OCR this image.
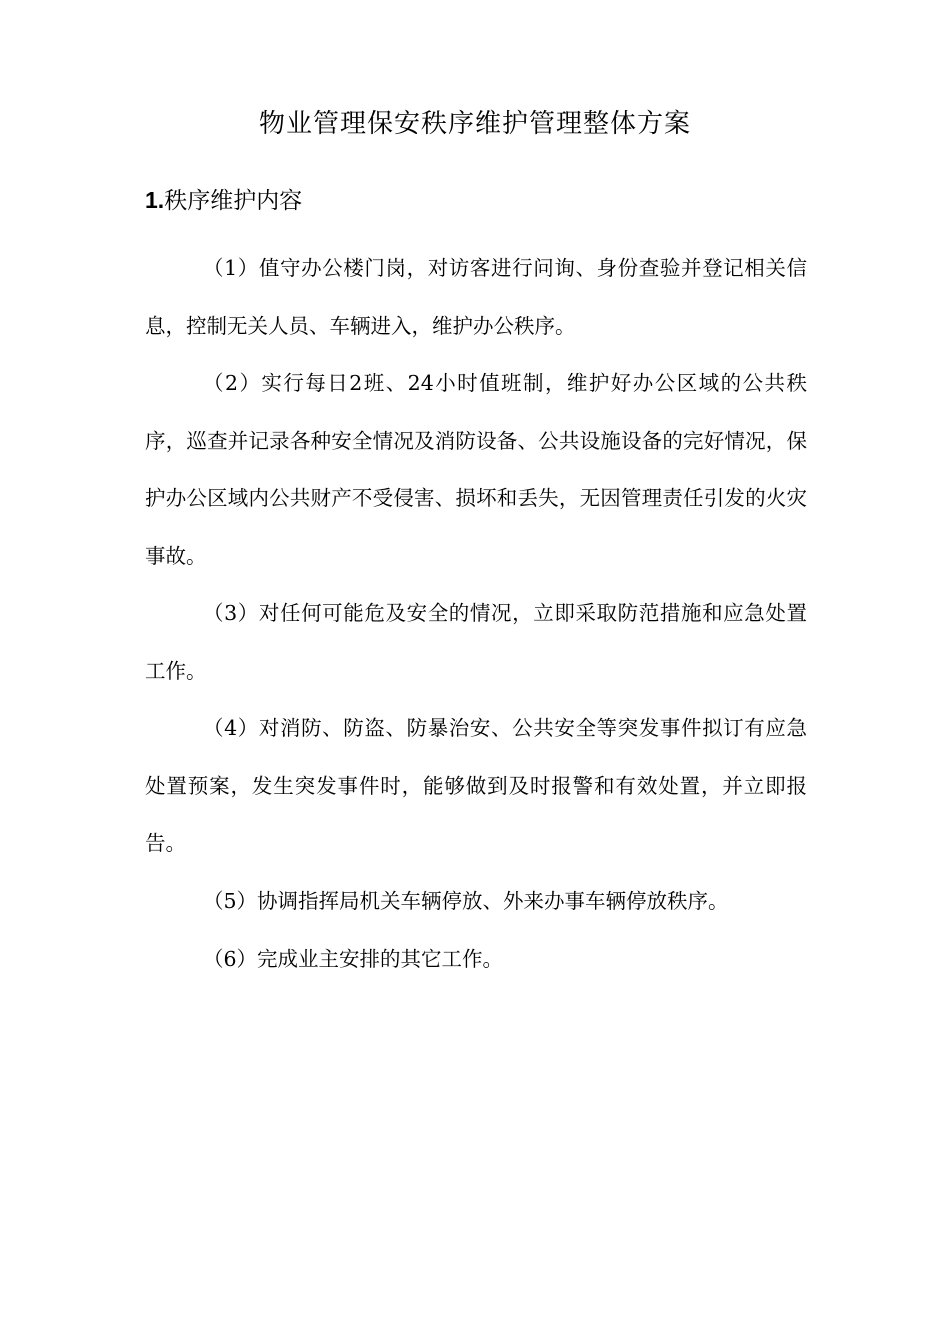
物业管理保安秩序维护管理整体方案
1.秩序维护内容

（1）值守办公楼门岗，对访客进行问询、身份查验并登记相关信息，控制无关人员、车辆进入，维护办公秩序。

（2）实行每日2班、24小时值班制，维护好办公区域的公共秩序，巡查并记录各种安全情况及消防设备、公共设施设备的完好情况，保护办公区域内公共财产不受侵害、损坏和丢失，无因管理责任引发的火灾事故。

（3）对任何可能危及安全的情况，立即采取防范措施和应急处置工作。

（4）对消防、防盗、防暴治安、公共安全等突发事件拟订有应急处置预案，发生突发事件时，能够做到及时报警和有效处置，并立即报告。

（5）协调指挥局机关车辆停放、外来办事车辆停放秩序。

（6）完成业主安排的其它工作。
